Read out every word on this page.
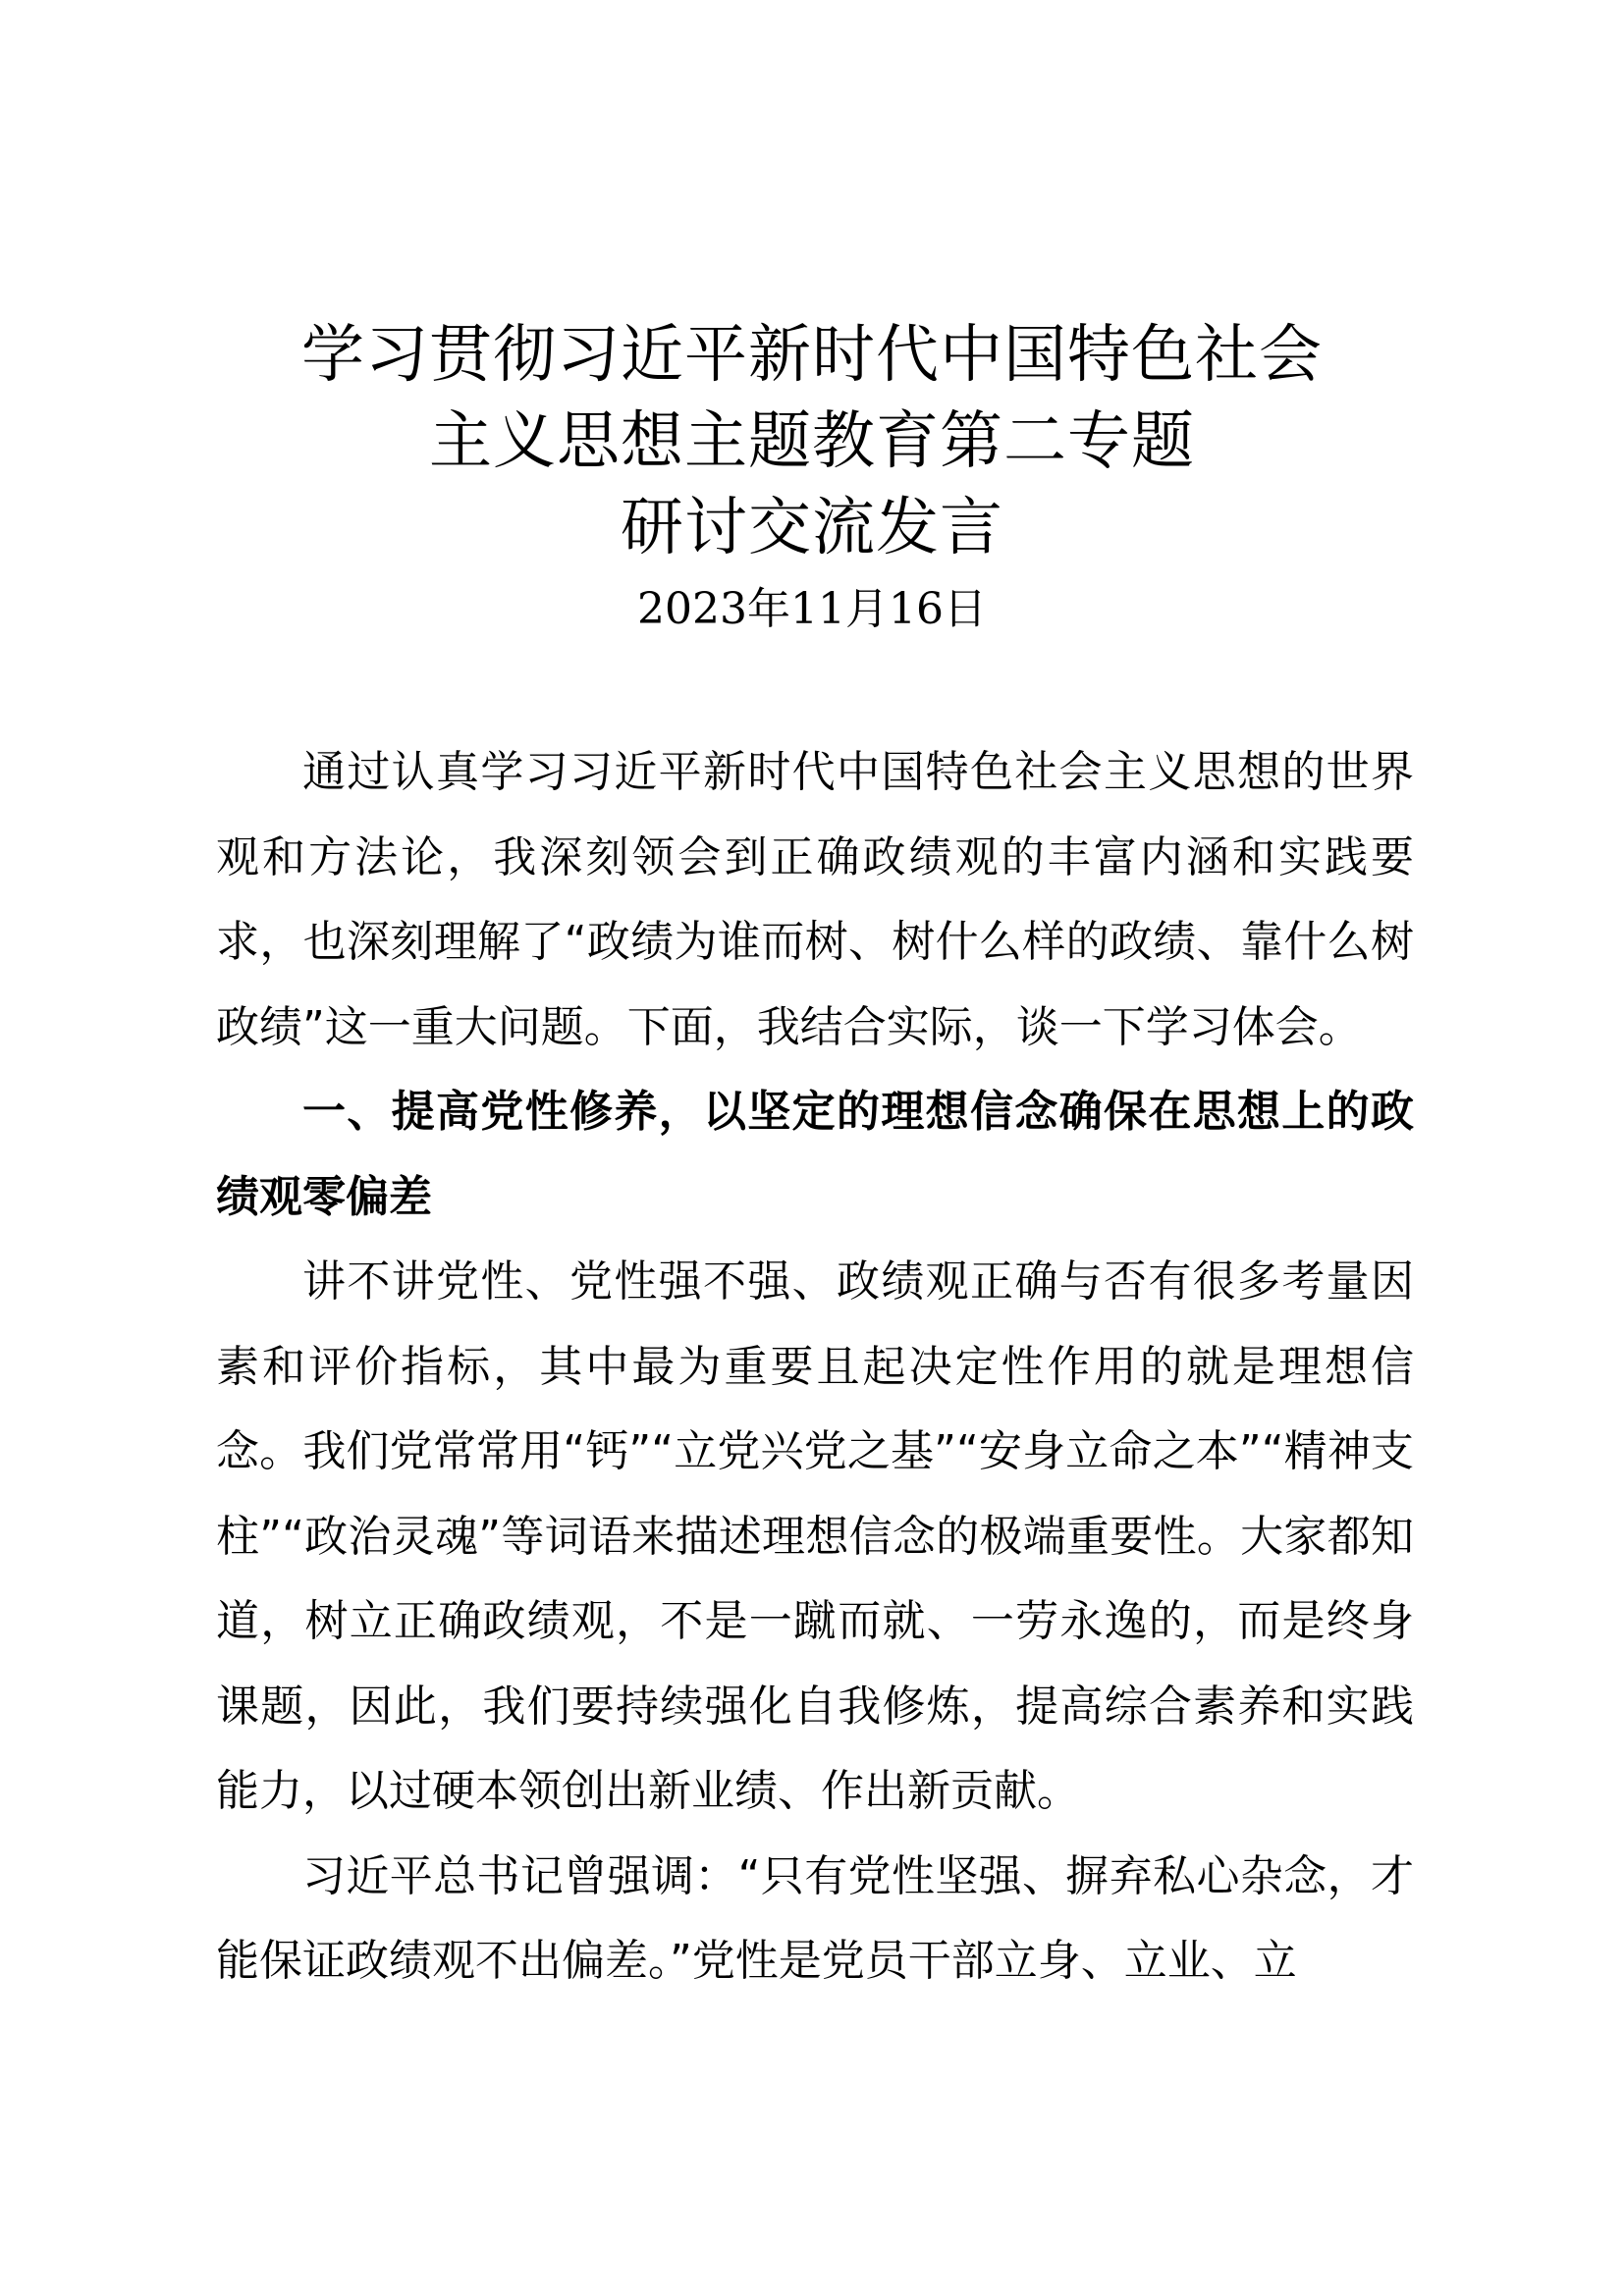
学习贯彻习近平新时代中国特色社会
主义思想主题教育第二专题
研讨交流发言
2023年11月16日

通过认真学习习近平新时代中国特色社会主义思想的世界观和方法论，我深刻领会到正确政绩观的丰富内涵和实践要求，也深刻理解了“政绩为谁而树、树什么样的政绩、靠什么树政绩”这一重大问题。下面，我结合实际，谈一下学习体会。

一、提高党性修养，以坚定的理想信念确保在思想上的政绩观零偏差

讲不讲党性、党性强不强、政绩观正确与否有很多考量因素和评价指标，其中最为重要且起决定性作用的就是理想信念。我们党常常用“钙”“立党兴党之基”“安身立命之本”“精神支柱”“政治灵魂”等词语来描述理想信念的极端重要性。大家都知道，树立正确政绩观，不是一蹴而就、一劳永逸的，而是终身课题，因此，我们要持续强化自我修炼，提高综合素养和实践能力，以过硬本领创出新业绩、作出新贡献。

习近平总书记曾强调：“只有党性坚强、摒弃私心杂念，才能保证政绩观不出偏差。”党性是党员干部立身、立业、立
